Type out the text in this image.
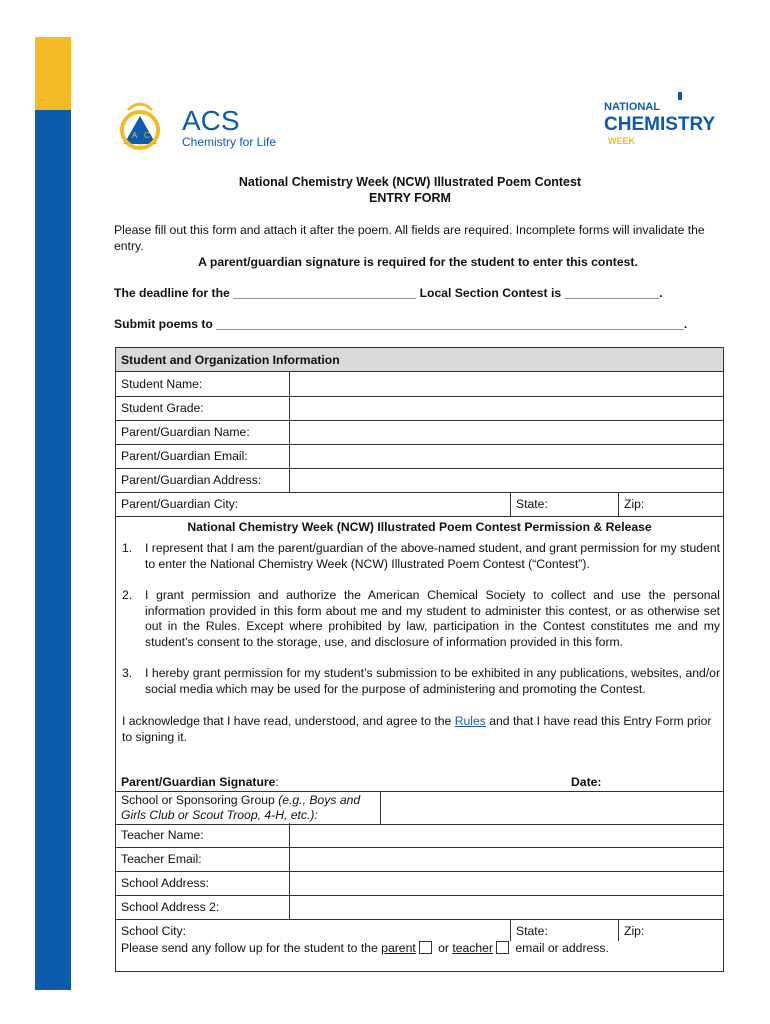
A C
S
ACS
Chemistry for Life
NATIONAL
CHEMISTRY
WEEK
National Chemistry Week (NCW) Illustrated Poem Contest
ENTRY FORM
Please fill out this form and attach it after the poem. All fields are required. Incomplete forms will invalidate the entry.
A parent/guardian signature is required for the student to enter this contest.
The deadline for the ___________________________ Local Section Contest is ______________.
Submit poems to _____________________________________________________________________.
Student and Organization Information
Student Name:
Student Grade:
Parent/Guardian Name:
Parent/Guardian Email:
Parent/Guardian Address:
Parent/Guardian City:	State:	Zip:
National Chemistry Week (NCW) Illustrated Poem Contest Permission & Release
1. I represent that I am the parent/guardian of the above-named student, and grant permission for my student to enter the National Chemistry Week (NCW) Illustrated Poem Contest (“Contest”).
2. I grant permission and authorize the American Chemical Society to collect and use the personal information provided in this form about me and my student to administer this contest, or as otherwise set out in the Rules. Except where prohibited by law, participation in the Contest constitutes me and my student’s consent to the storage, use, and disclosure of information provided in this form.
3. I hereby grant permission for my student’s submission to be exhibited in any publications, websites, and/or social media which may be used for the purpose of administering and promoting the Contest.
I acknowledge that I have read, understood, and agree to the Rules and that I have read this Entry Form prior to signing it.
Parent/Guardian Signature:	Date:
School or Sponsoring Group (e.g., Boys and Girls Club or Scout Troop, 4-H, etc.):
Teacher Name:
Teacher Email:
School Address:
School Address 2:
School City:	State:	Zip:
Please send any follow up for the student to the parent or teacher email or address.
